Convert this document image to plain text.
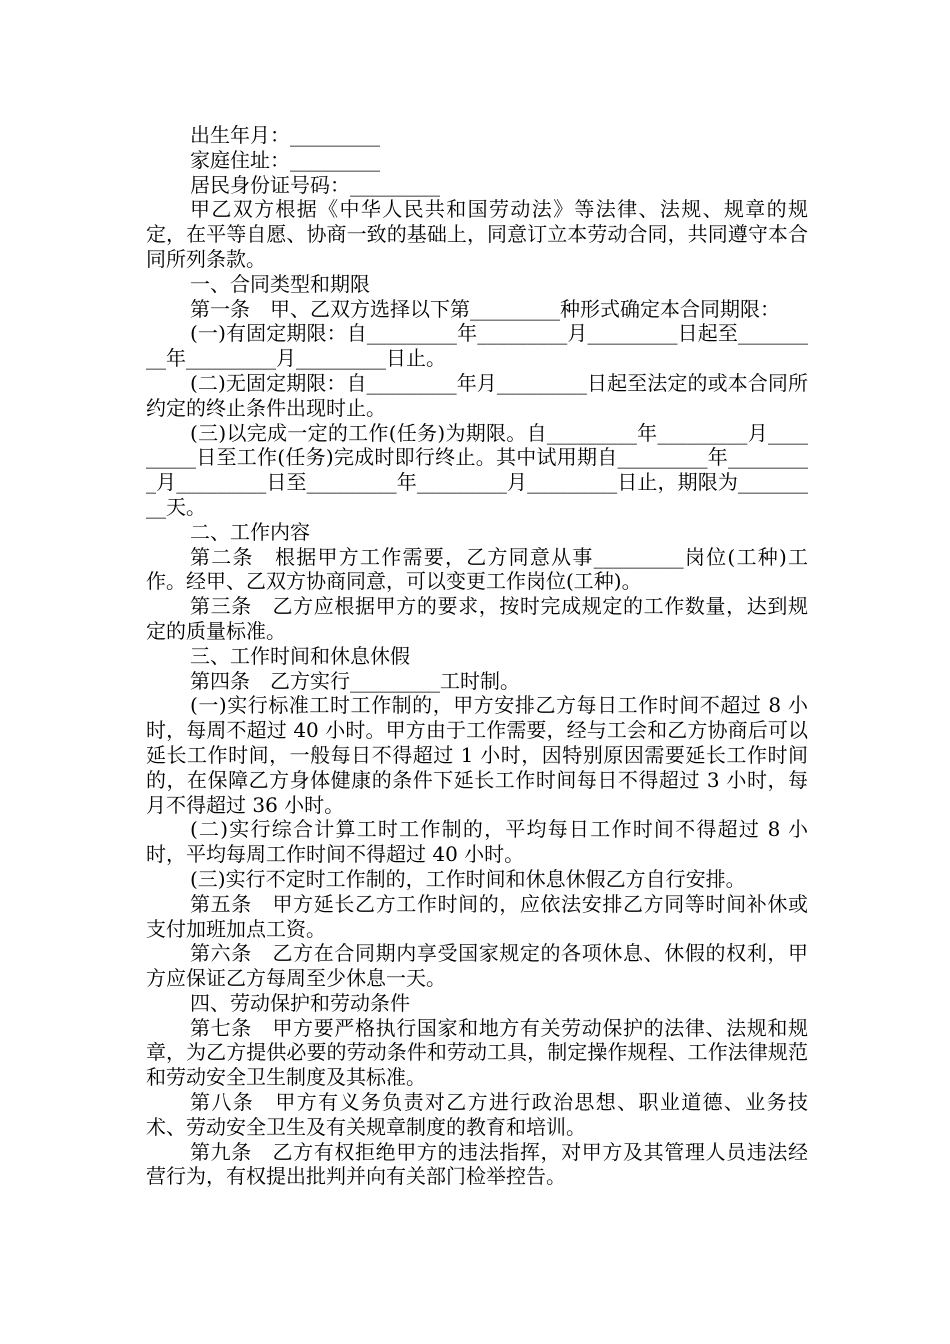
出生年月：_________

家庭住址：_________

居民身份证号码：_________

甲乙双方根据《中华人民共和国劳动法》等法律、法规、规章的规定，在平等自愿、协商一致的基础上，同意订立本劳动合同，共同遵守本合同所列条款。

一、合同类型和期限

第一条　甲、乙双方选择以下第_________种形式确定本合同期限：

(一)有固定期限：自_________年_________月_________日起至_________年_________月_________日止。

(二)无固定期限：自_________年月_________日起至法定的或本合同所约定的终止条件出现时止。

(三)以完成一定的工作(任务)为期限。自_________年_________月_________日至工作(任务)完成时即行终止。其中试用期自_________年_________月_________日至_________年_________月_________日止，期限为_________天。

二、工作内容

第二条　根据甲方工作需要，乙方同意从事_________岗位(工种)工作。经甲、乙双方协商同意，可以变更工作岗位(工种)。

第三条　乙方应根据甲方的要求，按时完成规定的工作数量，达到规定的质量标准。

三、工作时间和休息休假

第四条　乙方实行_________工时制。

(一)实行标准工时工作制的，甲方安排乙方每日工作时间不超过 8 小时，每周不超过 40 小时。甲方由于工作需要，经与工会和乙方协商后可以延长工作时间，一般每日不得超过 1 小时，因特别原因需要延长工作时间的，在保障乙方身体健康的条件下延长工作时间每日不得超过 3 小时，每月不得超过 36 小时。

(二)实行综合计算工时工作制的，平均每日工作时间不得超过 8 小时，平均每周工作时间不得超过 40 小时。

(三)实行不定时工作制的，工作时间和休息休假乙方自行安排。

第五条　甲方延长乙方工作时间的，应依法安排乙方同等时间补休或支付加班加点工资。

第六条　乙方在合同期内享受国家规定的各项休息、休假的权利，甲方应保证乙方每周至少休息一天。

四、劳动保护和劳动条件

第七条　甲方要严格执行国家和地方有关劳动保护的法律、法规和规章，为乙方提供必要的劳动条件和劳动工具，制定操作规程、工作法律规范和劳动安全卫生制度及其标准。

第八条　甲方有义务负责对乙方进行政治思想、职业道德、业务技术、劳动安全卫生及有关规章制度的教育和培训。

第九条　乙方有权拒绝甲方的违法指挥，对甲方及其管理人员违法经营行为，有权提出批判并向有关部门检举控告。
